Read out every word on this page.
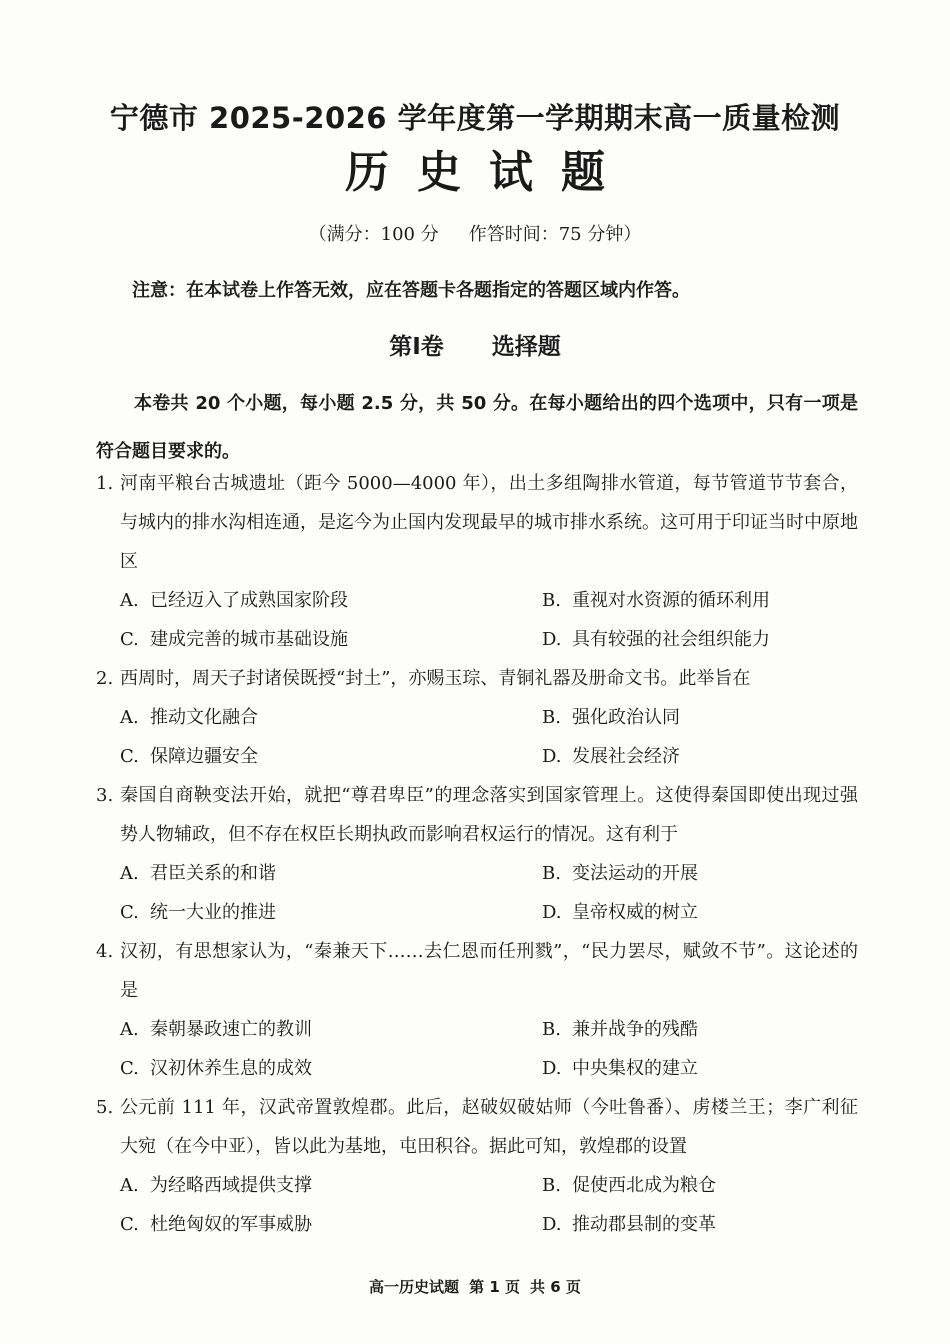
宁德市 2025-2026 学年度第一学期期末高一质量检测
历史试题
（满分：100 分 作答时间：75 分钟）
注意：在本试卷上作答无效，应在答题卡各题指定的答题区域内作答。
第Ⅰ卷 选择题
本卷共 20 个小题，每小题 2.5 分，共 50 分。在每小题给出的四个选项中，只有一项是符合题目要求的。
1. 河南平粮台古城遗址（距今 5000—4000 年），出土多组陶排水管道，每节管道节节套合，与城内的排水沟相连通，是迄今为止国内发现最早的城市排水系统。这可用于印证当时中原地区
A. 已经迈入了成熟国家阶段	B. 重视对水资源的循环利用
C. 建成完善的城市基础设施	D. 具有较强的社会组织能力
2. 西周时，周天子封诸侯既授“封土”，亦赐玉琮、青铜礼器及册命文书。此举旨在
A. 推动文化融合	B. 强化政治认同
C. 保障边疆安全	D. 发展社会经济
3. 秦国自商鞅变法开始，就把“尊君卑臣”的理念落实到国家管理上。这使得秦国即使出现过强势人物辅政，但不存在权臣长期执政而影响君权运行的情况。这有利于
A. 君臣关系的和谐	B. 变法运动的开展
C. 统一大业的推进	D. 皇帝权威的树立
4. 汉初，有思想家认为，“秦兼天下……去仁恩而任刑戮”，“民力罢尽，赋敛不节”。这论述的是
A. 秦朝暴政速亡的教训	B. 兼并战争的残酷
C. 汉初休养生息的成效	D. 中央集权的建立
5. 公元前 111 年，汉武帝置敦煌郡。此后，赵破奴破姑师（今吐鲁番）、虏楼兰王；李广利征大宛（在今中亚），皆以此为基地，屯田积谷。据此可知，敦煌郡的设置
A. 为经略西域提供支撑	B. 促使西北成为粮仓
C. 杜绝匈奴的军事威胁	D. 推动郡县制的变革
高一历史试题 第 1 页 共 6 页
